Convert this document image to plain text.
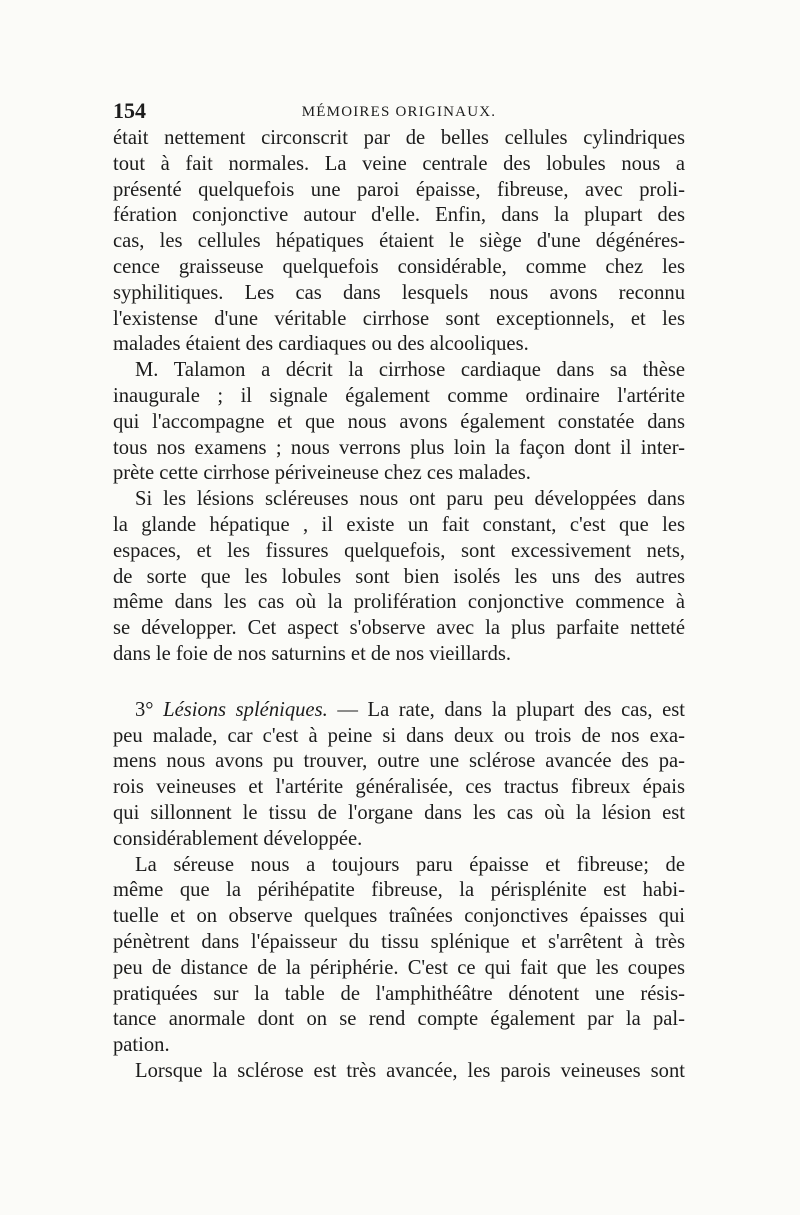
154	MÉMOIRES ORIGINAUX.
était nettement circonscrit par de belles cellules cylindriques
tout à fait normales. La veine centrale des lobules nous a
présenté quelquefois une paroi épaisse, fibreuse, avec proli-
fération conjonctive autour d'elle. Enfin, dans la plupart des
cas, les cellules hépatiques étaient le siège d'une dégénéres-
cence graisseuse quelquefois considérable, comme chez les
syphilitiques. Les cas dans lesquels nous avons reconnu
l'existense d'une véritable cirrhose sont exceptionnels, et les
malades étaient des cardiaques ou des alcooliques.
M. Talamon a décrit la cirrhose cardiaque dans sa thèse
inaugurale ; il signale également comme ordinaire l'artérite
qui l'accompagne et que nous avons également constatée dans
tous nos examens ; nous verrons plus loin la façon dont il inter-
prète cette cirrhose périveineuse chez ces malades.
Si les lésions scléreuses nous ont paru peu développées dans
la glande hépatique , il existe un fait constant, c'est que les
espaces, et les fissures quelquefois, sont excessivement nets,
de sorte que les lobules sont bien isolés les uns des autres
même dans les cas où la prolifération conjonctive commence à
se développer. Cet aspect s'observe avec la plus parfaite netteté
dans le foie de nos saturnins et de nos vieillards.
3° Lésions spléniques. — La rate, dans la plupart des cas, est
peu malade, car c'est à peine si dans deux ou trois de nos exa-
mens nous avons pu trouver, outre une sclérose avancée des pa-
rois veineuses et l'artérite généralisée, ces tractus fibreux épais
qui sillonnent le tissu de l'organe dans les cas où la lésion est
considérablement développée.
La séreuse nous a toujours paru épaisse et fibreuse; de
même que la périhépatite fibreuse, la périsplénite est habi-
tuelle et on observe quelques traînées conjonctives épaisses qui
pénètrent dans l'épaisseur du tissu splénique et s'arrêtent à très
peu de distance de la périphérie. C'est ce qui fait que les coupes
pratiquées sur la table de l'amphithéâtre dénotent une résis-
tance anormale dont on se rend compte également par la pal-
pation.
Lorsque la sclérose est très avancée, les parois veineuses sont
